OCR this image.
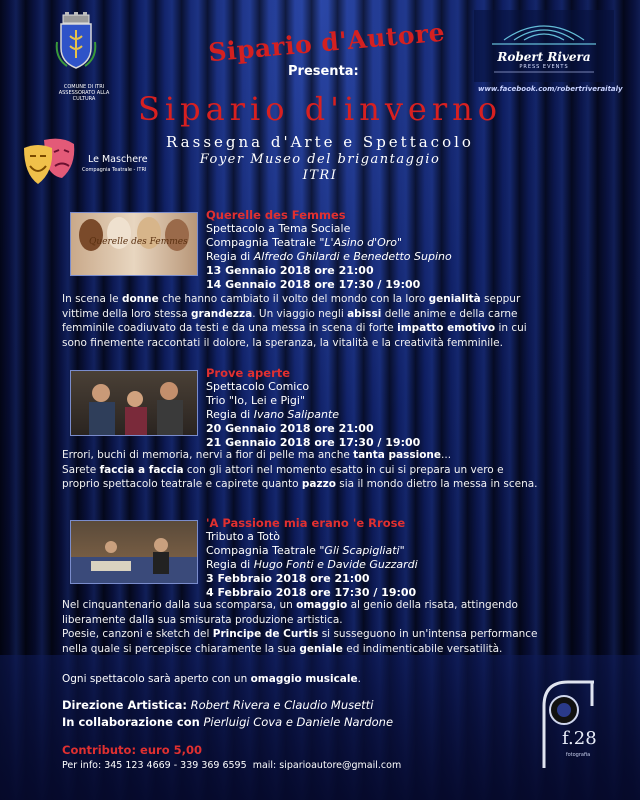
COMUNE DI ITRI
ASSESSORATO ALLA CULTURA
Sipario d'Autore
Presenta:
Robert Rivera
PRESS EVENTS
www.facebook.com/robertriveraitaly
Sipario d'inverno
Rassegna d'Arte e Spettacolo
Foyer Museo del brigantaggio
ITRI
Le Maschere
Compagnia Teatrale - ITRI
Querelle des Femmes
Querelle des Femmes
Spettacolo a Tema Sociale
Compagnia Teatrale "L'Asino d'Oro"
Regia di Alfredo Ghilardi e Benedetto Supino
13 Gennaio 2018 ore 21:00
14 Gennaio 2018 ore 17:30 / 19:00
In scena le donne che hanno cambiato il volto del mondo con la loro genialità seppur
vittime della loro stessa grandezza. Un viaggio negli abissi delle anime e della carne
femminile coadiuvato da testi e da una messa in scena di forte impatto emotivo in cui
sono finemente raccontati il dolore, la speranza, la vitalità e la creatività femminile.
Prove aperte
Spettacolo Comico
Trio "Io, Lei e Pigi"
Regia di Ivano Salipante
20 Gennaio 2018 ore 21:00
21 Gennaio 2018 ore 17:30 / 19:00
Errori, buchi di memoria, nervi a fior di pelle ma anche tanta passione...
Sarete faccia a faccia con gli attori nel momento esatto in cui si prepara un vero e
proprio spettacolo teatrale e capirete quanto pazzo sia il mondo dietro la messa in scena.
'A Passione mia erano 'e Rrose
Tributo a Totò
Compagnia Teatrale "Gli Scapigliati"
Regia di Hugo Fonti e Davide Guzzardi
3 Febbraio 2018 ore 21:00
4 Febbraio 2018 ore 17:30 / 19:00
Nel cinquantenario dalla sua scomparsa, un omaggio al genio della risata, attingendo
liberamente dalla sua smisurata produzione artistica.
Poesie, canzoni e sketch del Principe de Curtis si susseguono in un'intensa performance
nella quale si percepisce chiaramente la sua geniale ed indimenticabile versatilità.
Ogni spettacolo sarà aperto con un omaggio musicale.
Direzione Artistica: Robert Rivera e Claudio Musetti
In collaborazione con Pierluigi Cova e Daniele Nardone
Contributo: euro 5,00
Per info: 345 123 4669 - 339 369 6595 mail: siparioautore@gmail.com
f.28
fotografia
